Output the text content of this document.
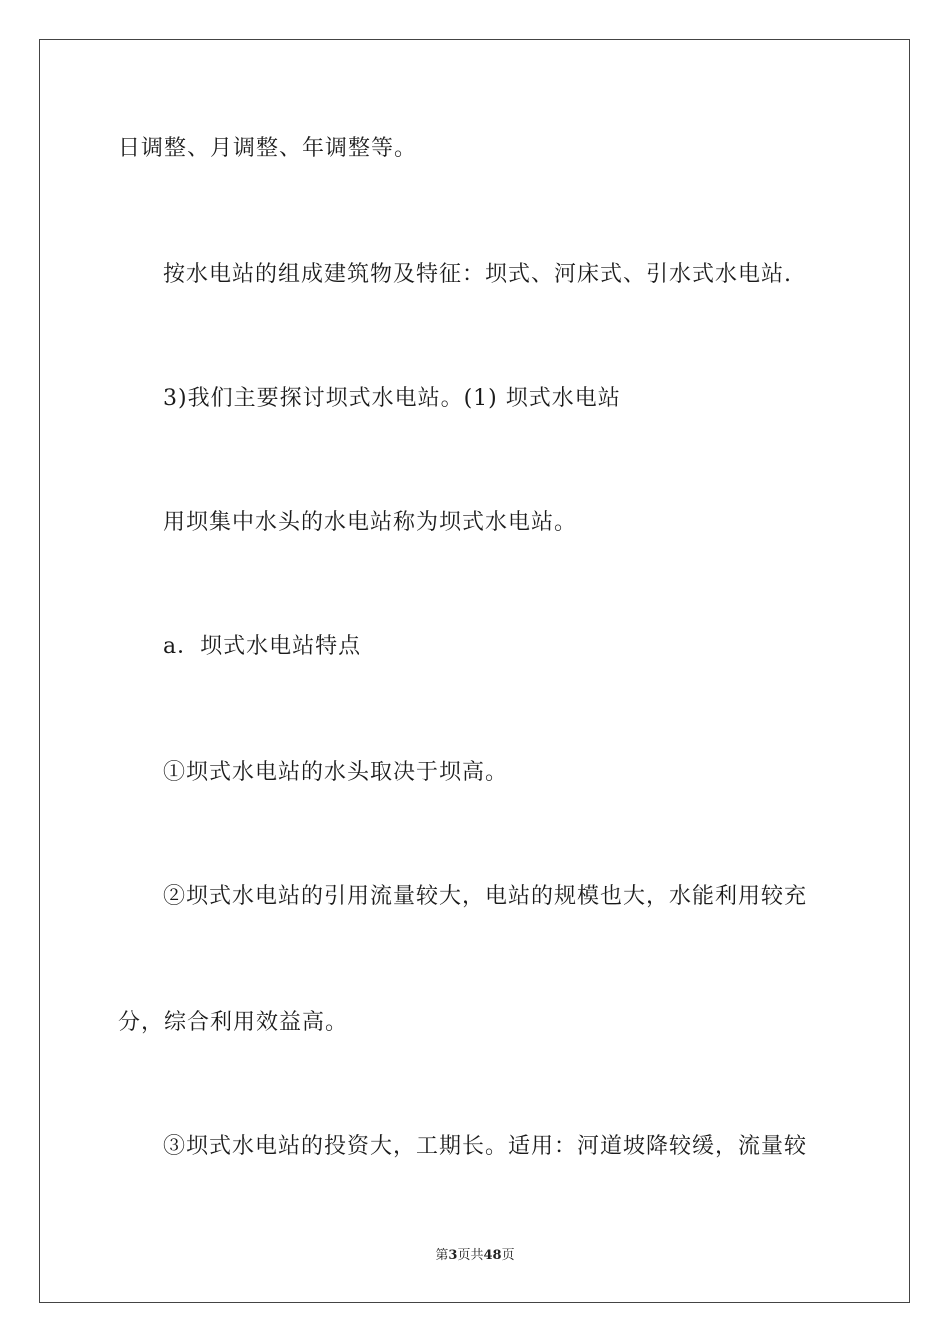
日调整、月调整、年调整等。
按水电站的组成建筑物及特征：坝式、河床式、引水式水电站.
3)我们主要探讨坝式水电站。(1) 坝式水电站
用坝集中水头的水电站称为坝式水电站。
a．坝式水电站特点
①坝式水电站的水头取决于坝高。
②坝式水电站的引用流量较大，电站的规模也大，水能利用较充
分，综合利用效益高。
③坝式水电站的投资大，工期长。适用：河道坡降较缓，流量较
第3页共48页
